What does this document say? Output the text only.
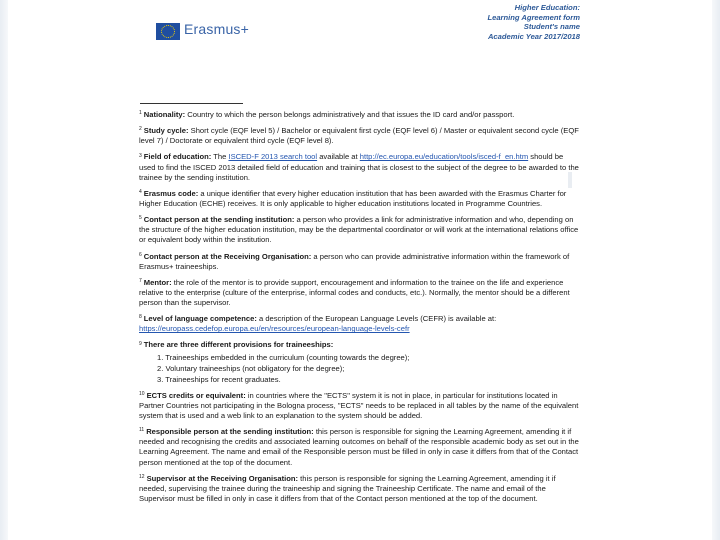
Erasmus+
Higher Education:
Learning Agreement form
Student's name
Academic Year 2017/2018

$^1$ Nationality: Country to which the person belongs administratively and that issues the ID card and/or passport.

$^2$ Study cycle: Short cycle (EQF level 5) / Bachelor or equivalent first cycle (EQF level 6) / Master or equivalent second cycle (EQF level 7) / Doctorate or equivalent third cycle (EQF level 8).

$^3$ Field of education: The ISCED-F 2013 search tool available at http://ec.europa.eu/education/tools/isced-f_en.htm should be used to find the ISCED 2013 detailed field of education and training that is closest to the subject of the degree to be awarded to the trainee by the sending institution.

$^4$ Erasmus code: a unique identifier that every higher education institution that has been awarded with the Erasmus Charter for Higher Education (ECHE) receives. It is only applicable to higher education institutions located in Programme Countries.

$^5$ Contact person at the sending institution: a person who provides a link for administrative information and who, depending on the structure of the higher education institution, may be the departmental coordinator or will work at the international relations office or equivalent body within the institution.

$^6$ Contact person at the Receiving Organisation: a person who can provide administrative information within the framework of Erasmus+ traineeships.

$^7$ Mentor: the role of the mentor is to provide support, encouragement and information to the trainee on the life and experience relative to the enterprise (culture of the enterprise, informal codes and conducts, etc.). Normally, the mentor should be a different person than the supervisor.

$^8$ Level of language competence: a description of the European Language Levels (CEFR) is available at: https://europass.cedefop.europa.eu/en/resources/european-language-levels-cefr

$^9$ There are three different provisions for traineeships:
1. Traineeships embedded in the curriculum (counting towards the degree);
2. Voluntary traineeships (not obligatory for the degree);
3. Traineeships for recent graduates.

$^{10}$ ECTS credits or equivalent: in countries where the "ECTS" system it is not in place, in particular for institutions located in Partner Countries not participating in the Bologna process, "ECTS" needs to be replaced in all tables by the name of the equivalent system that is used and a web link to an explanation to the system should be added.

$^{11}$ Responsible person at the sending institution: this person is responsible for signing the Learning Agreement, amending it if needed and recognising the credits and associated learning outcomes on behalf of the responsible academic body as set out in the Learning Agreement. The name and email of the Responsible person must be filled in only in case it differs from that of the Contact person mentioned at the top of the document.

$^{12}$ Supervisor at the Receiving Organisation: this person is responsible for signing the Learning Agreement, amending it if needed, supervising the trainee during the traineeship and signing the Traineeship Certificate. The name and email of the Supervisor must be filled in only in case it differs from that of the Contact person mentioned at the top of the document.
